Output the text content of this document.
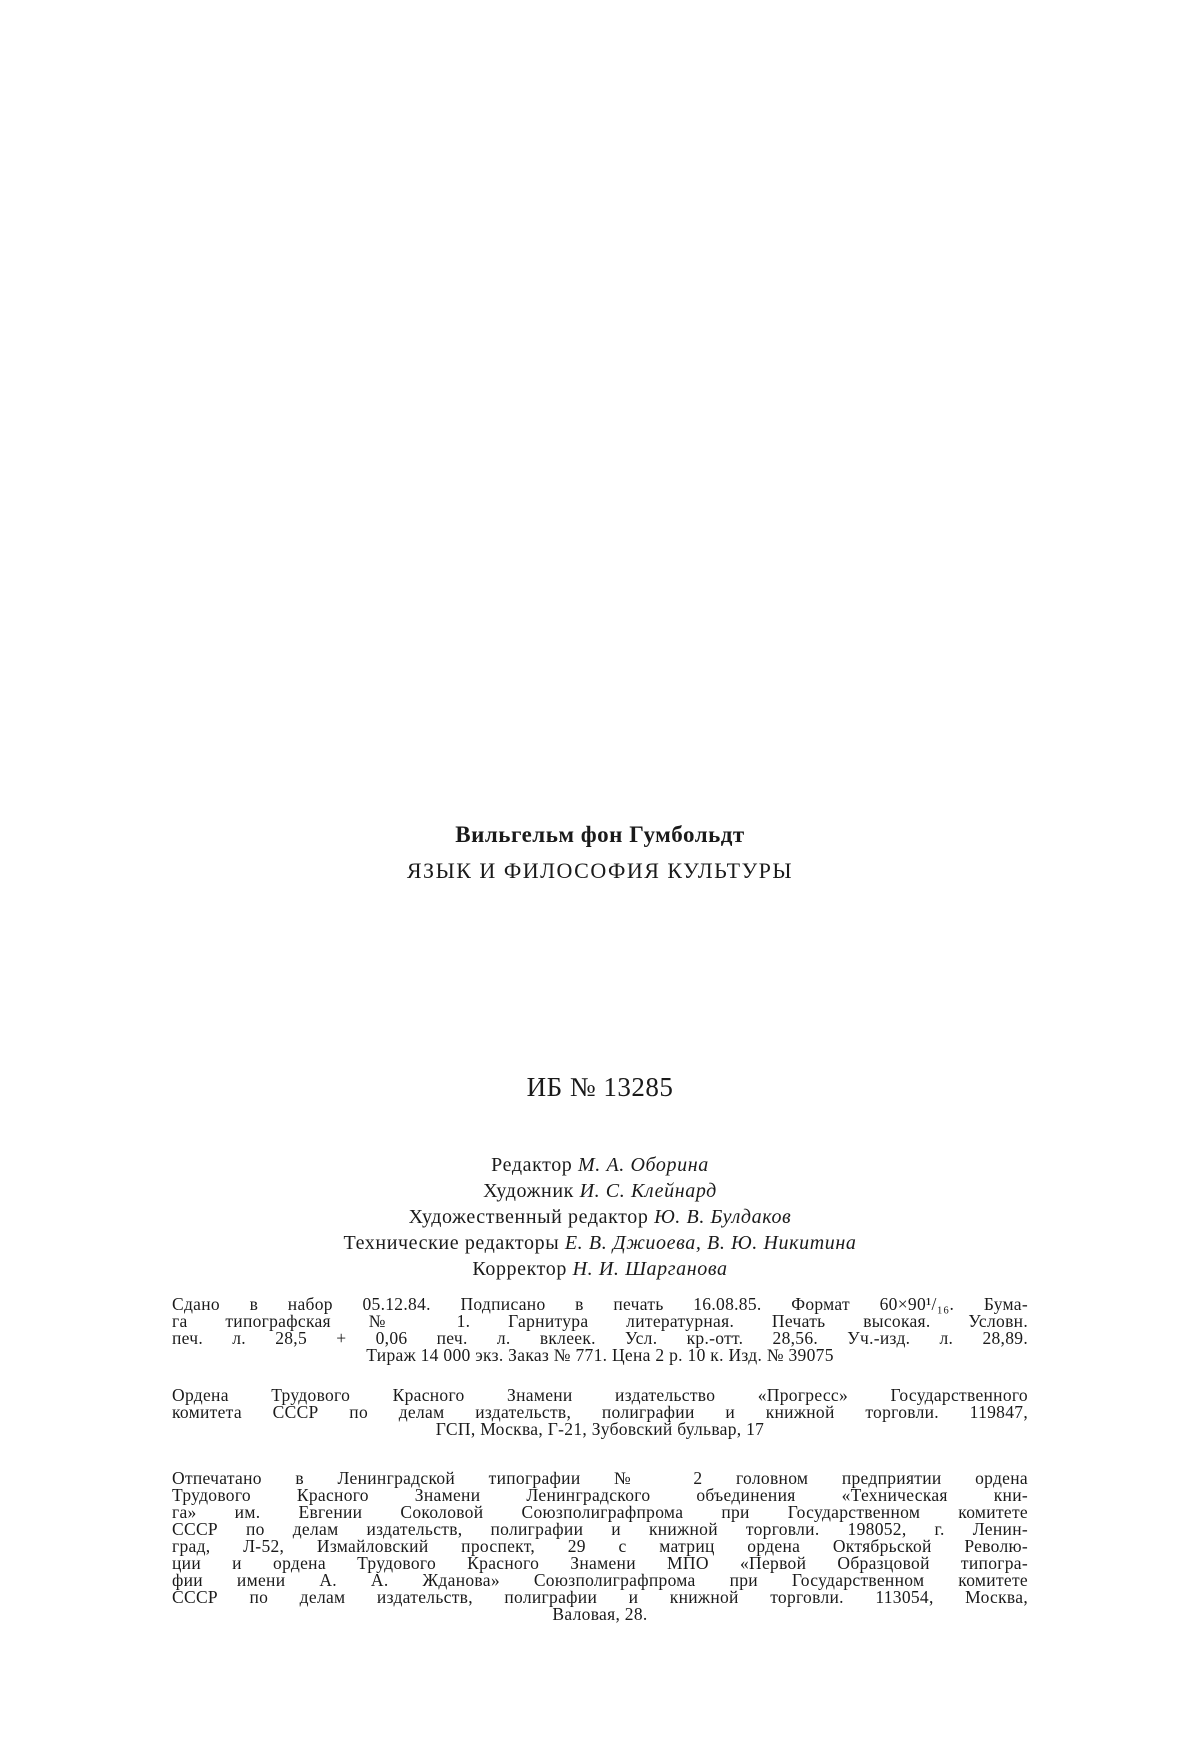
Вильгельм фон Гумбольдт
ЯЗЫК И ФИЛОСОФИЯ КУЛЬТУРЫ
ИБ № 13285
Редактор М. А. Оборина
Художник И. С. Клейнард
Художественный редактор Ю. В. Булдаков
Технические редакторы Е. В. Джиоева, В. Ю. Никитина
Корректор Н. И. Шарганова
Сдано в набор 05.12.84. Подписано в печать 16.08.85. Формат 60×90¹/₁₆. Бума-
га типографская № 1. Гарнитура литературная. Печать высокая. Условн.
печ. л. 28,5 + 0,06 печ. л. вклеек. Усл. кр.-отт. 28,56. Уч.-изд. л. 28,89.
Тираж 14 000 экз. Заказ № 771. Цена 2 р. 10 к. Изд. № 39075
Ордена Трудового Красного Знамени издательство «Прогресс» Государственного
комитета СССР по делам издательств, полиграфии и книжной торговли. 119847,
ГСП, Москва, Г-21, Зубовский бульвар, 17
Отпечатано в Ленинградской типографии № 2 головном предприятии ордена
Трудового Красного Знамени Ленинградского объединения «Техническая кни-
га» им. Евгении Соколовой Союзполиграфпрома при Государственном комитете
СССР по делам издательств, полиграфии и книжной торговли. 198052, г. Ленин-
град, Л-52, Измайловский проспект, 29 с матриц ордена Октябрьской Револю-
ции и ордена Трудового Красного Знамени МПО «Первой Образцовой типогра-
фии имени А. А. Жданова» Союзполиграфпрома при Государственном комитете
СССР по делам издательств, полиграфии и книжной торговли. 113054, Москва,
Валовая, 28.
